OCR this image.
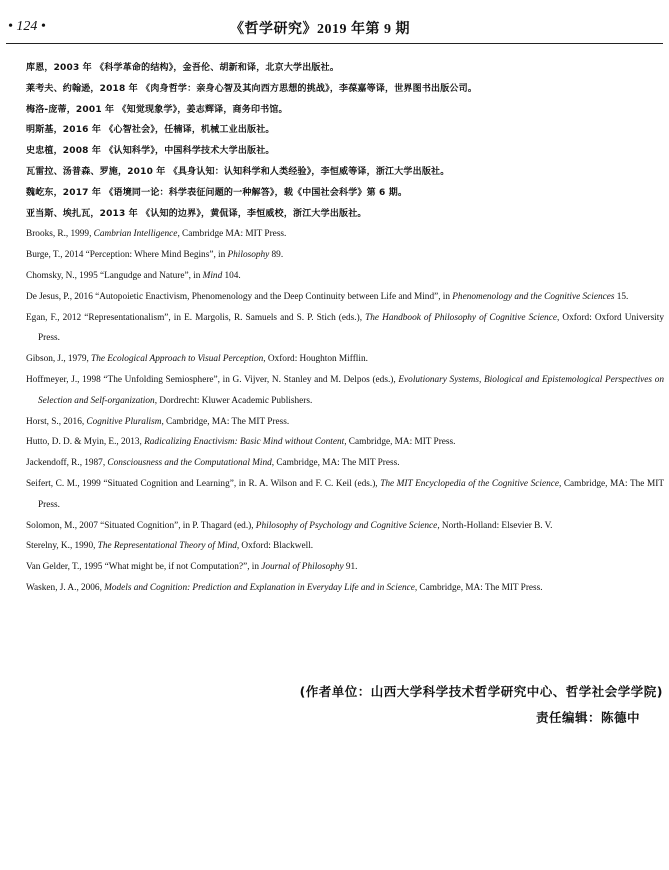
• 124 •	《哲学研究》2019 年第 9 期

库恩，2003 年 《科学革命的结构》，金吾伦、胡新和译，北京大学出版社。

莱考夫、约翰逊，2018 年 《肉身哲学：亲身心智及其向西方思想的挑战》，李葆嘉等译，世界图书出版公司。

梅洛-庞蒂，2001 年 《知觉现象学》，姜志辉译，商务印书馆。

明斯基，2016 年 《心智社会》，任楠译，机械工业出版社。

史忠植，2008 年 《认知科学》，中国科学技术大学出版社。

瓦雷拉、汤普森、罗施，2010 年 《具身认知：认知科学和人类经验》，李恒威等译，浙江大学出版社。

魏屹东，2017 年 《语境同一论：科学表征问题的一种解答》，载《中国社会科学》第 6 期。

亚当斯、埃扎瓦，2013 年 《认知的边界》，黄侃译，李恒威校，浙江大学出版社。

Brooks, R., 1999, Cambrian Intelligence, Cambridge MA: MIT Press.

Burge, T., 2014 “Perception: Where Mind Begins”, in Philosophy 89.

Chomsky, N., 1995 “Langudge and Nature”, in Mind 104.

De Jesus, P., 2016 “Autopoietic Enactivism, Phenomenology and the Deep Continuity between Life and Mind”, in Phenomenology and the Cognitive Sciences 15.

Egan, F., 2012 “Representationalism”, in E. Margolis, R. Samuels and S. P. Stich (eds.), The Handbook of Philosophy of Cognitive Science, Oxford: Oxford University Press.

Gibson, J., 1979, The Ecological Approach to Visual Perception, Oxford: Houghton Mifflin.

Hoffmeyer, J., 1998 “The Unfolding Semiosphere”, in G. Vijver, N. Stanley and M. Delpos (eds.), Evolutionary Systems, Biological and Epistemological Perspectives on Selection and Self-organization, Dordrecht: Kluwer Academic Publishers.

Horst, S., 2016, Cognitive Pluralism, Cambridge, MA: The MIT Press.

Hutto, D. D. & Myin, E., 2013, Radicalizing Enactivism: Basic Mind without Content, Cambridge, MA: MIT Press.

Jackendoff, R., 1987, Consciousness and the Computational Mind, Cambridge, MA: The MIT Press.

Seifert, C. M., 1999 “Situated Cognition and Learning”, in R. A. Wilson and F. C. Keil (eds.), The MIT Encyclopedia of the Cognitive Science, Cambridge, MA: The MIT Press.

Solomon, M., 2007 “Situated Cognition”, in P. Thagard (ed.), Philosophy of Psychology and Cognitive Science, North-Holland: Elsevier B. V.

Sterelny, K., 1990, The Representational Theory of Mind, Oxford: Blackwell.

Van Gelder, T., 1995 “What might be, if not Computation?”, in Journal of Philosophy 91.

Wasken, J. A., 2006, Models and Cognition: Prediction and Explanation in Everyday Life and in Science, Cambridge, MA: The MIT Press.

(作者单位：山西大学科学技术哲学研究中心、哲学社会学学院)
责任编辑：陈德中
